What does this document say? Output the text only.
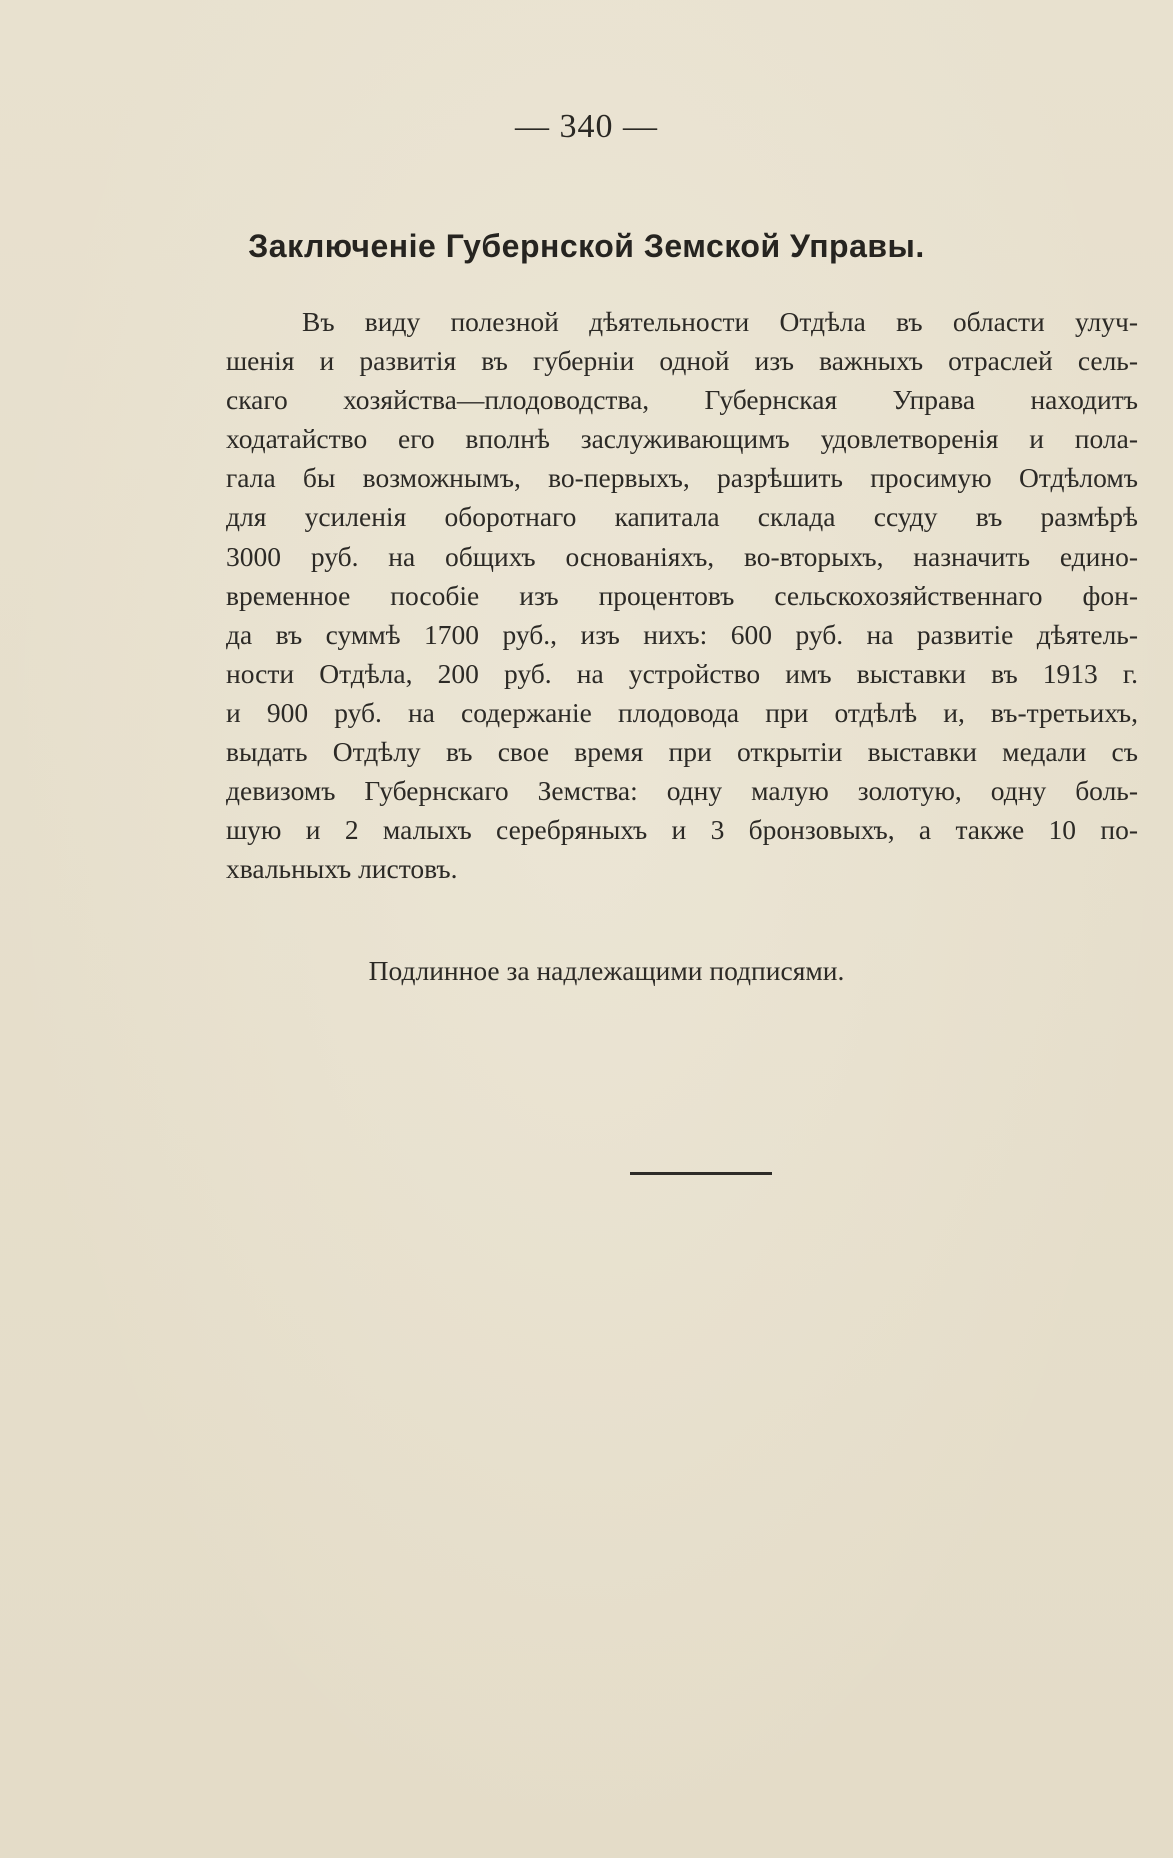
— 340 —
Заключеніе Губернской Земской Управы.
Въ виду полезной дѣятельности Отдѣла въ области улуч-
шенія и развитія въ губерніи одной изъ важныхъ отраслей сель-
скаго хозяйства—плодоводства, Губернская Управа находитъ
ходатайство его вполнѣ заслуживающимъ удовлетворенія и пола-
гала бы возможнымъ, во-первыхъ, разрѣшить просимую Отдѣломъ
для усиленія оборотнаго капитала склада ссуду въ размѣрѣ
3000 руб. на общихъ основаніяхъ, во-вторыхъ, назначить едино-
временное пособіе изъ процентовъ сельскохозяйственнаго фон-
да въ суммѣ 1700 руб., изъ нихъ: 600 руб. на развитіе дѣятель-
ности Отдѣла, 200 руб. на устройство имъ выставки въ 1913 г.
и 900 руб. на содержаніе плодовода при отдѣлѣ и, въ-третьихъ,
выдать Отдѣлу въ свое время при открытіи выставки медали съ
девизомъ Губернскаго Земства: одну малую золотую, одну боль-
шую и 2 малыхъ серебряныхъ и 3 бронзовыхъ, а также 10 по-
хвальныхъ листовъ.
Подлинное за надлежащими подписями.
